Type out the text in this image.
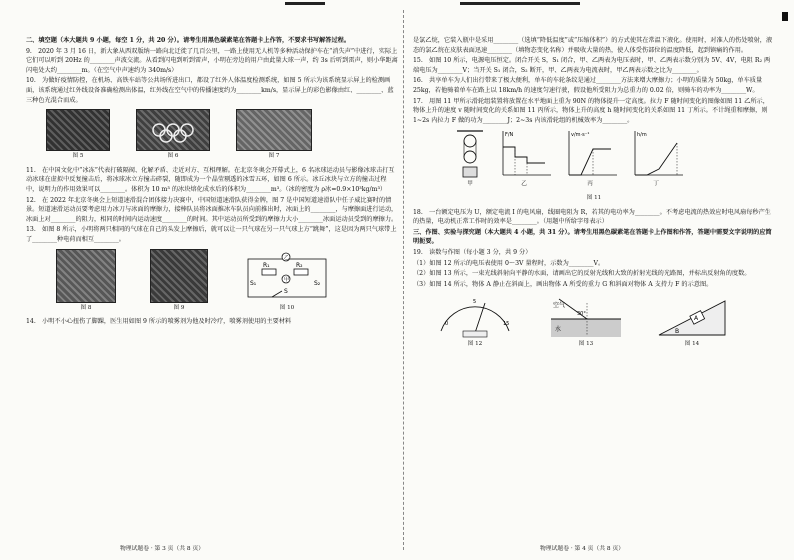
二、填空题（本大题共 9 小题，每空 1 分，共 20 分）。请考生用黑色碳素笔在答题卡上作答，不要求书写解答过程。

9.　2020 年 3 月 16 日，新大象从西双版纳一路向北迁徙了几百公里，一路上使用无人机等多种活动保护车在“消失声”中进行，实际上它们可以听到 20Hz 的________声波交流。从看到闪电到听到雷声，小明在旁边的用户由此量大球一声，约 3s 后听到雷声，则小华距离闪电处大约________m。（在空气中声速约为 340m/s）

10.　为做好疫情防控，在机场、高铁车站等公共场所进出口，都设了红外人体温度检测系统，如图 5 所示为该系统显示屏上的检测画面，该系统通过红外线设备准确检测出体温，红外线在空气中的传播速度约为________km/s，显示屏上的彩色影像由红、________、蓝三种色光混合而成。

图 5	图 6	图 7

11.　在中国文化中“冰冻”代表打破隔阂、化解矛盾、走近对方、互相理解。在北京冬奥会开幕式上，6 名冰球运动员与影像冰球击打互动冰球在虚拟中反复撞击后，将冰球冰立方撞击碎裂，随即成为一个晶莹剔透的冰雪五环，如图 6 所示。冰丘冰块与立方的撞击过程中，说明力的作用效果可以________。体积为 10 m³ 的冰块熔化成水后的体积为________m³。（冰的密度为 ρ冰=0.9×10³kg/m³）

12.　在 2022 年北京冬奥会上短道速滑混合团体接力决赛中，中国短道速滑队获得金牌，图 7 是中国短道速滑队中任子威比赛时的情景。短道速滑运动员要考虑用力冰刀与冰面的摩擦力，接棒队员将冰面推冰车队员向前推出时，冰面上的________，与摩擦面进行运动，冰面上对________的阻力，相同的时间内运动速度________的时间。其中运动员所受到的摩擦力大小________冰面运动员受到的摩擦力。

13.　如图 8 所示，小明将两只相同的气球在自己的头发上摩擦后，就可以让一只气球在另一只气球上方“跳舞”，这是因为两只气球带上了________种电荷而相互________。

图 8	图 9
R₁	R₂
乙
甲
S
S₂
S₁
图 10

14.　小明不小心扭伤了脚踝，医生用如图 9 所示的喷雾剂为他及时冷疗，喷雾剂使用的主要材料

物理试题卷 · 第 3 页（共 8 页）

是氯乙烷，它装入瓶中是采用________（选填“降低温度”或“压缩体积”）的方式使其在常温下液化。使用时，对准人的伤处喷射，液态的氯乙烷在皮肤表面迅速________（填物态变化名称）并吸收大量的热，使人体受伤部位的温度降低，起到镇痛的作用。

15.　如图 10 所示，电源电压恒定。闭合开关 S，S₁ 闭合，甲、乙两表为电压表时，甲、乙两表示数分别为 5V、4V，电阻 R₂ 两端电压为________V；当开关 S₁ 闭合，S₂ 断开，甲、乙两表为电流表时，甲乙两表示数之比为________。

16.　共享单车为人们出行带来了极大便利，单车的车轮条纹是通过________方法来增大摩擦力；小明的质量为 50kg，单车质量 25kg，若他骑着单车在路上以 18km/h 的速度匀速行驶，假设他所受阻力为总重力的 0.02 倍，则骑车的功率为________W。

17.　用图 11 甲所示滑轮组装置将放置在水平地面上重为 90N 的物体提升一定高度。拉力 F 随时间变化的图像如图 11 乙所示，物体上升的速度 v 随时间变化的关系如图 11 丙所示，物体上升的高度 h 随时间变化的关系如图 11 丁所示。不计绳重和摩擦，则 1~2s 内拉力 F 做的功为________J；2~3s 内该滑轮组的机械效率为________。

甲
F/N
乙
v/m·s⁻¹
丙
h/m
丁
图 11

18.　一台额定电压为 U，额定电流 I 的电风扇，线圈电阻为 R，若其的电功率为________。不考虑电流的热效应时电风扇每秒产生的热量，电动机正常工作时的效率是________。（用题中所给字母表示）

三、作图、实验与探究题（本大题共 4 小题，共 31 分）。请考生用黑色碳素笔在答题卡上作图和作答，答题中需要文字说明的应简明扼要。

19.　读数与作图（每小题 3 分，共 9 分）

（1）如图 12 所示的电压表使用 0～3V 量程时，示数为________V。

（2）如图 13 所示，一束光线斜射向平静的水面，请画出它的反射光线和大致的折射光线的光路图，并标出反射角的度数。

（3）如图 14 所示，物体 A 静止在斜面上，画出物体 A 所受的重力 G 和斜面对物体 A 支持力 F 的示意图。

0
5
15
图 12
空气
30°
水
图 13
A
B
图 14
物理试题卷 · 第 4 页（共 8 页）
